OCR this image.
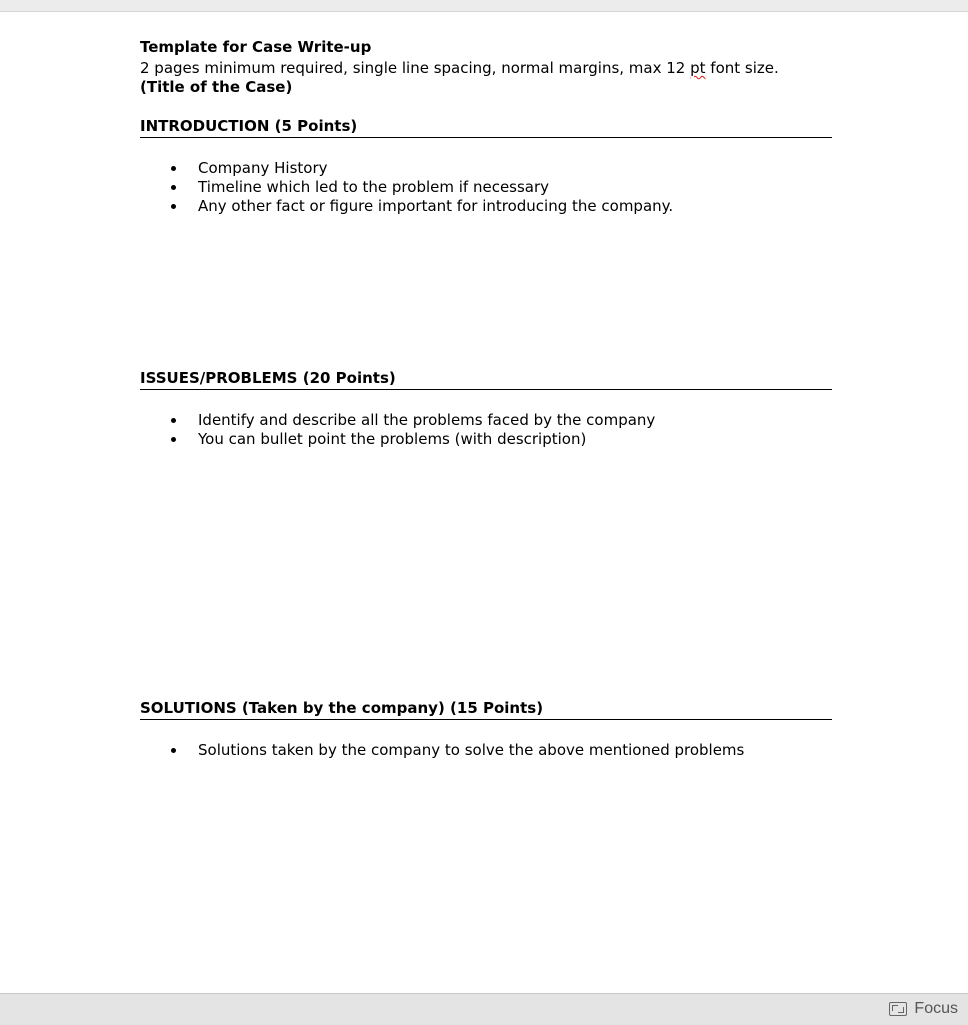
Template for Case Write-up
2 pages minimum required, single line spacing, normal margins, max 12 pt font size.
(Title of the Case)
INTRODUCTION (5 Points)
Company History
Timeline which led to the problem if necessary
Any other fact or figure important for introducing the company.
ISSUES/PROBLEMS (20 Points)
Identify and describe all the problems faced by the company
You can bullet point the problems (with description)
SOLUTIONS (Taken by the company) (15 Points)
Solutions taken by the company to solve the above mentioned problems
Focus
